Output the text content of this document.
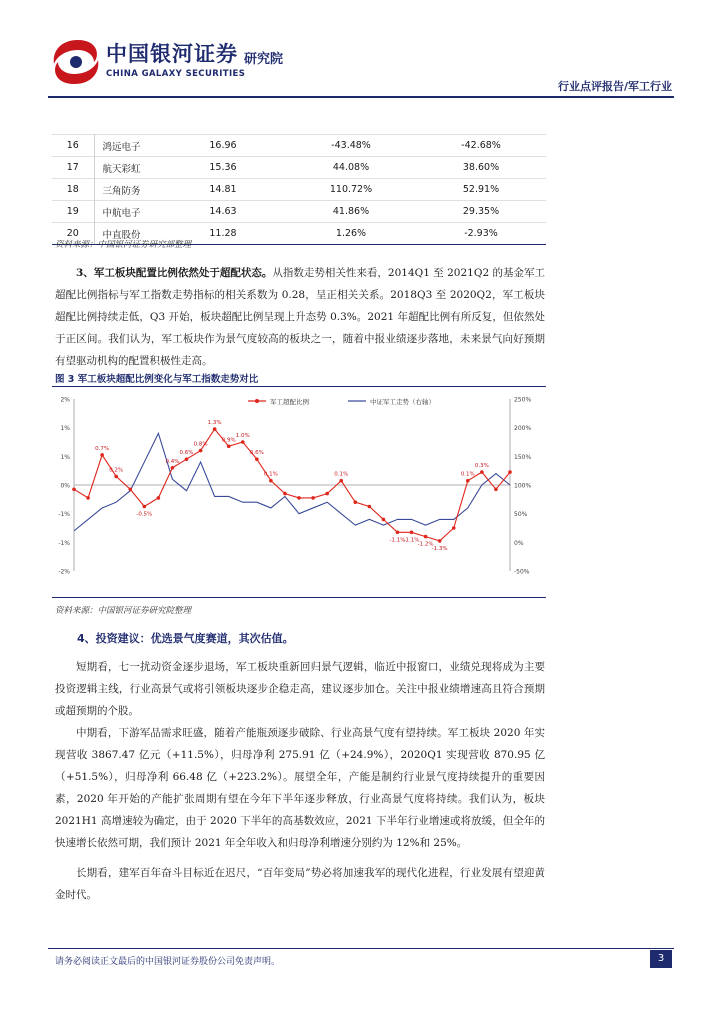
中国银河证券 研究院
CHINA GALAXY SECURITIES
行业点评报告/军工行业
16	鸿远电子	16.96	-43.48%	-42.68%
17	航天彩虹	15.36	44.08%	38.60%
18	三角防务	14.81	110.72%	52.91%
19	中航电子	14.63	41.86%	29.35%
20	中直股份	11.28	1.26%	-2.93%
资料来源：中国银河证券研究部整理
3、军工板块配置比例依然处于超配状态。从指数走势相关性来看，2014Q1 至 2021Q2 的基金军工超配比例指标与军工指数走势指标的相关系数为 0.28，呈正相关关系。2018Q3 至 2020Q2，军工板块超配比例持续走低，Q3 开始，板块超配比例呈现上升态势 0.3%。2021 年超配比例有所反复，但依然处于正区间。我们认为，军工板块作为景气度较高的板块之一，随着中报业绩逐步落地，未来景气向好预期有望驱动机构的配置积极性走高。
图 3 军工板块超配比例变化与军工指数走势对比
2%
1%
1%
0%
-1%
-1%
-2%
250%
200%
150%
100%
50%
0%
-50%
0.7%
0.2%
-0.5%
0.4%
0.6%
0.8%
1.3%
0.9%
1.0%
0.6%
0.1%	0.1%
-1.1%
-1.1%
-1.2%
-1.3%
0.1%
0.3%
军工超配比例	中证军工走势（右轴）
资料来源：中国银河证券研究院整理
4、投资建议：优选景气度赛道，其次估值。
短期看，七一扰动资金逐步退场，军工板块重新回归景气逻辑，临近中报窗口，业绩兑现将成为主要投资逻辑主线，行业高景气或将引领板块逐步企稳走高，建议逐步加仓。关注中报业绩增速高且符合预期或超预期的个股。
中期看，下游军品需求旺盛，随着产能瓶颈逐步破除、行业高景气度有望持续。军工板块 2020 年实现营收 3867.47 亿元（+11.5%），归母净利 275.91 亿（+24.9%），2020Q1 实现营收 870.95 亿（+51.5%），归母净利 66.48 亿（+223.2%）。展望全年，产能是制约行业景气度持续提升的重要因素，2020 年开始的产能扩张周期有望在今年下半年逐步释放，行业高景气度将持续。我们认为，板块 2021H1 高增速较为确定，由于 2020 下半年的高基数效应，2021 下半年行业增速或将放缓，但全年的快速增长依然可期，我们预计 2021 年全年收入和归母净利增速分别约为 12%和 25%。
长期看，建军百年奋斗目标近在迟尺，“百年变局”势必将加速我军的现代化进程，行业发展有望迎黄金时代。
请务必阅读正文最后的中国银河证券股份公司免责声明。	3
